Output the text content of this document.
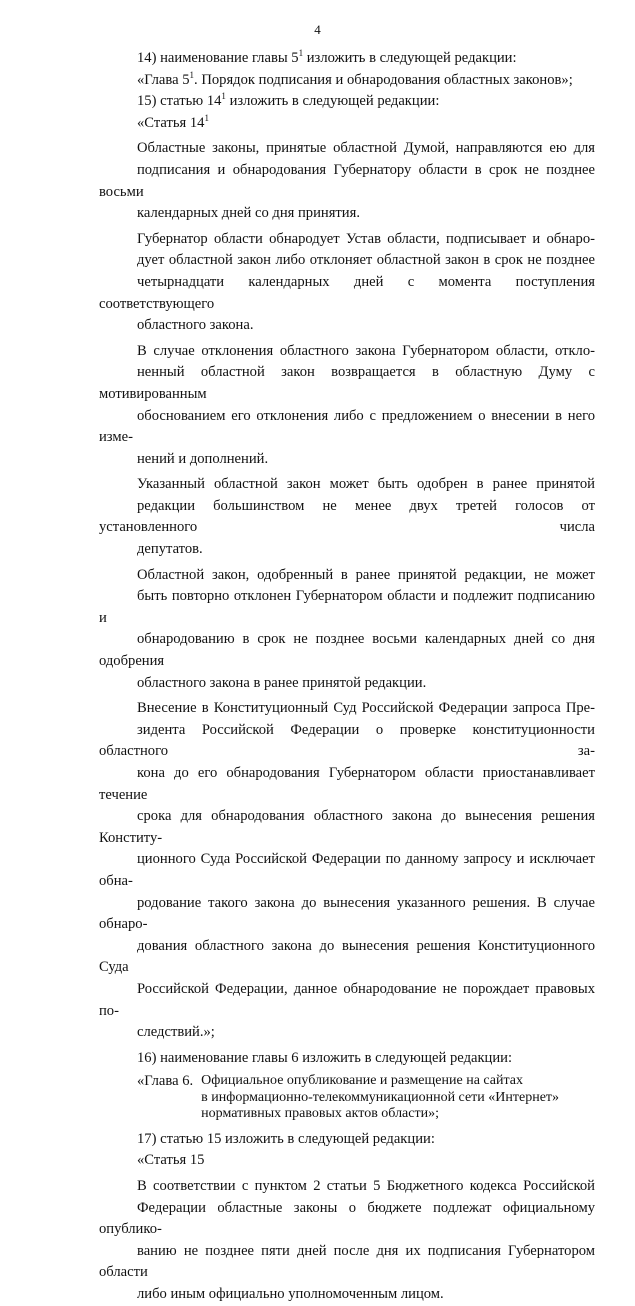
4

14) наименование главы $5^1$ изложить в следующей редакции:

«Глава $5^1$. Порядок подписания и обнародования областных законов»;

15) статью $14^1$ изложить в следующей редакции:

«Статья $14^1$

Областные законы, принятые областной Думой, направляются ею для
подписания и обнародования Губернатору области в срок не позднее восьми
календарных дней со дня принятия.

Губернатор области обнародует Устав области, подписывает и обнаро-
дует областной закон либо отклоняет областной закон в срок не позднее
четырнадцати календарных дней с момента поступления соответствующего
областного закона.

В случае отклонения областного закона Губернатором области, откло-
ненный областной закон возвращается в областную Думу с мотивированным
обоснованием его отклонения либо с предложением о внесении в него изме-
нений и дополнений.

Указанный областной закон может быть одобрен в ранее принятой
редакции большинством не менее двух третей голосов от установленного числа
депутатов.

Областной закон, одобренный в ранее принятой редакции, не может
быть повторно отклонен Губернатором области и подлежит подписанию и
обнародованию в срок не позднее восьми календарных дней со дня одобрения
областного закона в ранее принятой редакции.

Внесение в Конституционный Суд Российской Федерации запроса Пре-
зидента Российской Федерации о проверке конституционности областного за-
кона до его обнародования Губернатором области приостанавливает течение
срока для обнародования областного закона до вынесения решения Конститу-
ционного Суда Российской Федерации по данному запросу и исключает обна-
родование такого закона до вынесения указанного решения. В случае обнаро-
дования областного закона до вынесения решения Конституционного Суда
Российской Федерации, данное обнародование не порождает правовых по-
следствий.»;

16) наименование главы 6 изложить в следующей редакции:

«Глава 6. Официальное опубликование и размещение на сайтах
в информационно-телекоммуникационной сети «Интернет»
нормативных правовых актов области»;

17) статью 15 изложить в следующей редакции:

«Статья 15

В соответствии с пунктом 2 статьи 5 Бюджетного кодекса Российской
Федерации областные законы о бюджете подлежат официальному опублико-
ванию не позднее пяти дней после дня их подписания Губернатором области
либо иным официально уполномоченным лицом.
